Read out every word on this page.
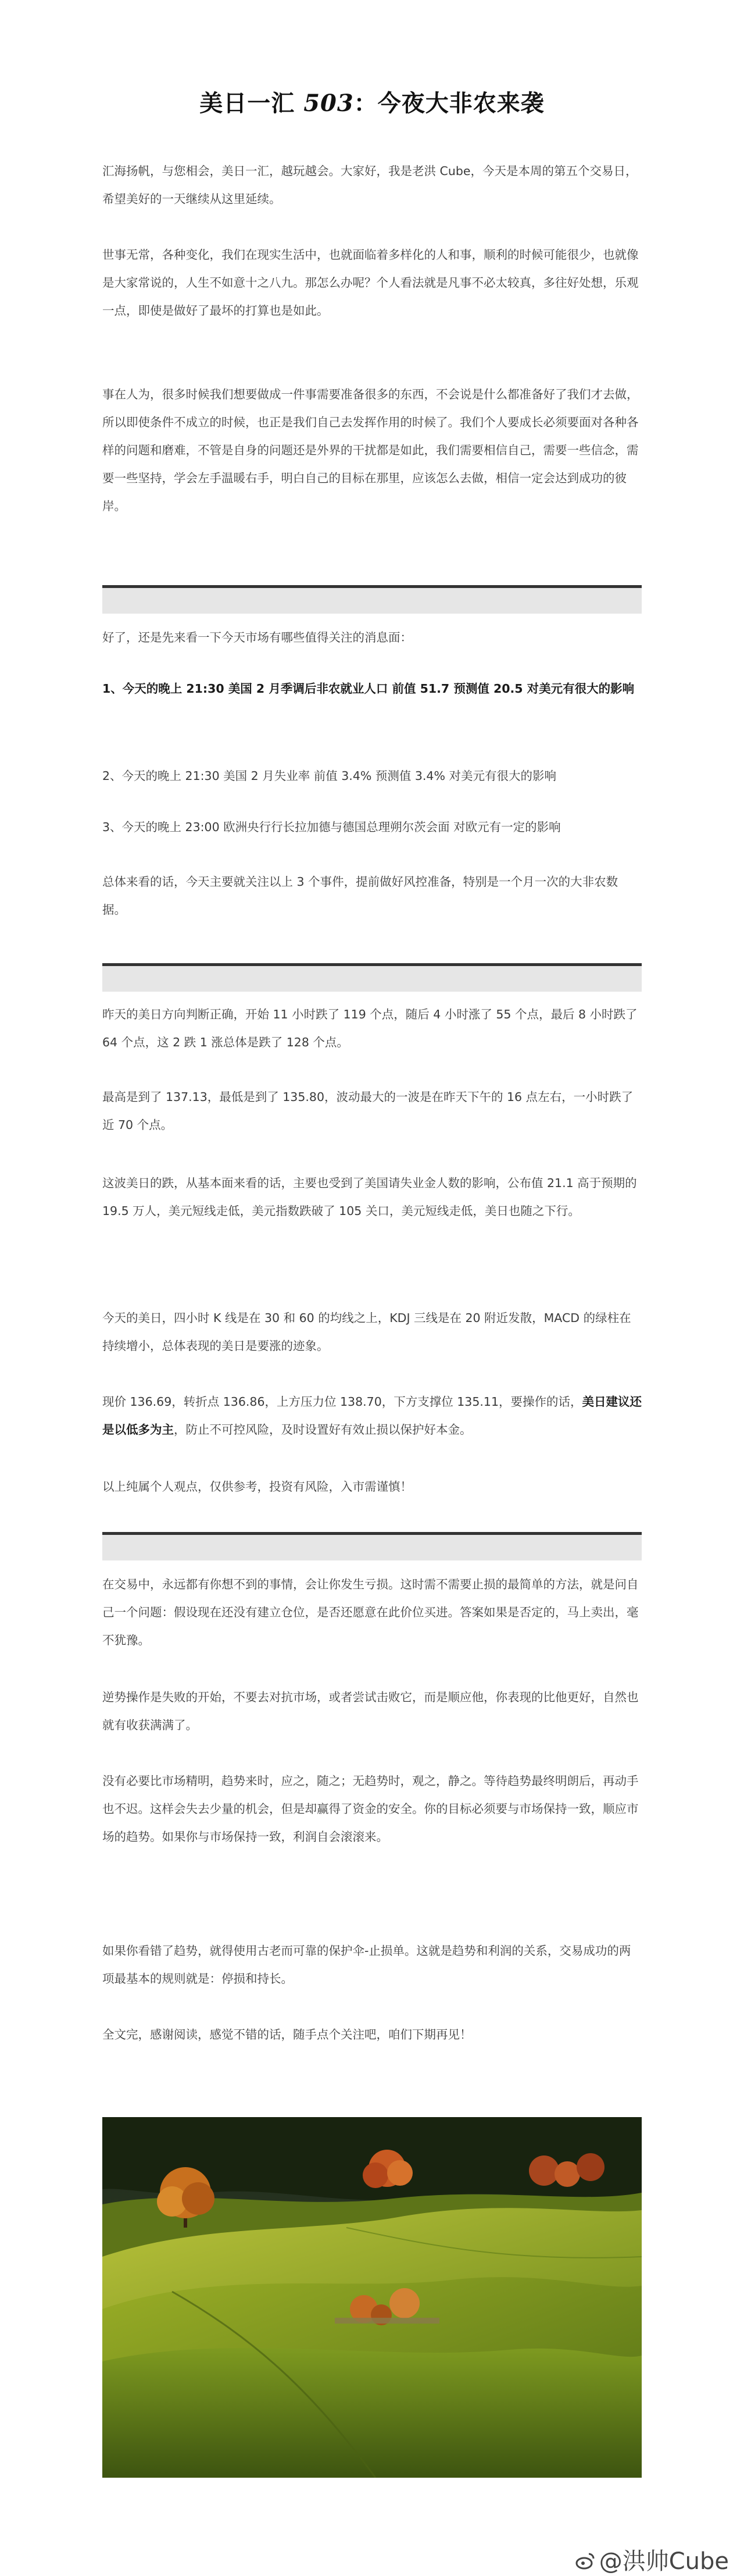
美日一汇 503：今夜大非农来袭

汇海扬帆，与您相会，美日一汇，越玩越会。大家好，我是老洪 Cube，今天是本周的第五个交易日，希望美好的一天继续从这里延续。

世事无常，各种变化，我们在现实生活中，也就面临着多样化的人和事，顺利的时候可能很少，也就像是大家常说的，人生不如意十之八九。那怎么办呢？个人看法就是凡事不必太较真，多往好处想，乐观一点，即使是做好了最坏的打算也是如此。

事在人为，很多时候我们想要做成一件事需要准备很多的东西，不会说是什么都准备好了我们才去做，所以即使条件不成立的时候，也正是我们自己去发挥作用的时候了。我们个人要成长必须要面对各种各样的问题和磨难，不管是自身的问题还是外界的干扰都是如此，我们需要相信自己，需要一些信念，需要一些坚持，学会左手温暖右手，明白自己的目标在那里，应该怎么去做，相信一定会达到成功的彼岸。

好了，还是先来看一下今天市场有哪些值得关注的消息面：

1、今天的晚上 21:30 美国 2 月季调后非农就业人口 前值 51.7 预测值 20.5 对美元有很大的影响

2、今天的晚上 21:30 美国 2 月失业率 前值 3.4% 预测值 3.4% 对美元有很大的影响

3、今天的晚上 23:00 欧洲央行行长拉加德与德国总理朔尔茨会面 对欧元有一定的影响

总体来看的话，今天主要就关注以上 3 个事件，提前做好风控准备，特别是一个月一次的大非农数据。

昨天的美日方向判断正确，开始 11 小时跌了 119 个点，随后 4 小时涨了 55 个点，最后 8 小时跌了 64 个点，这 2 跌 1 涨总体是跌了 128 个点。

最高是到了 137.13，最低是到了 135.80，波动最大的一波是在昨天下午的 16 点左右，一小时跌了近 70 个点。

这波美日的跌，从基本面来看的话，主要也受到了美国请失业金人数的影响，公布值 21.1 高于预期的 19.5 万人，美元短线走低，美元指数跌破了 105 关口，美元短线走低，美日也随之下行。

今天的美日，四小时 K 线是在 30 和 60 的均线之上，KDJ 三线是在 20 附近发散，MACD 的绿柱在持续增小，总体表现的美日是要涨的迹象。

现价 136.69，转折点 136.86，上方压力位 138.70，下方支撑位 135.11，要操作的话，美日建议还是以低多为主，防止不可控风险，及时设置好有效止损以保护好本金。

以上纯属个人观点，仅供参考，投资有风险，入市需谨慎！

在交易中，永远都有你想不到的事情，会让你发生亏损。这时需不需要止损的最简单的方法，就是问自己一个问题：假设现在还没有建立仓位，是否还愿意在此价位买进。答案如果是否定的，马上卖出，毫不犹豫。

逆势操作是失败的开始，不要去对抗市场，或者尝试击败它，而是顺应他，你表现的比他更好，自然也就有收获满满了。

没有必要比市场精明，趋势来时，应之，随之；无趋势时，观之，静之。等待趋势最终明朗后，再动手也不迟。这样会失去少量的机会，但是却赢得了资金的安全。你的目标必须要与市场保持一致，顺应市场的趋势。如果你与市场保持一致，利润自会滚滚来。

如果你看错了趋势，就得使用古老而可靠的保护伞-止损单。这就是趋势和利润的关系，交易成功的两项最基本的规则就是：停损和持长。

全文完，感谢阅读，感觉不错的话，随手点个关注吧，咱们下期再见！

@洪帅Cube
